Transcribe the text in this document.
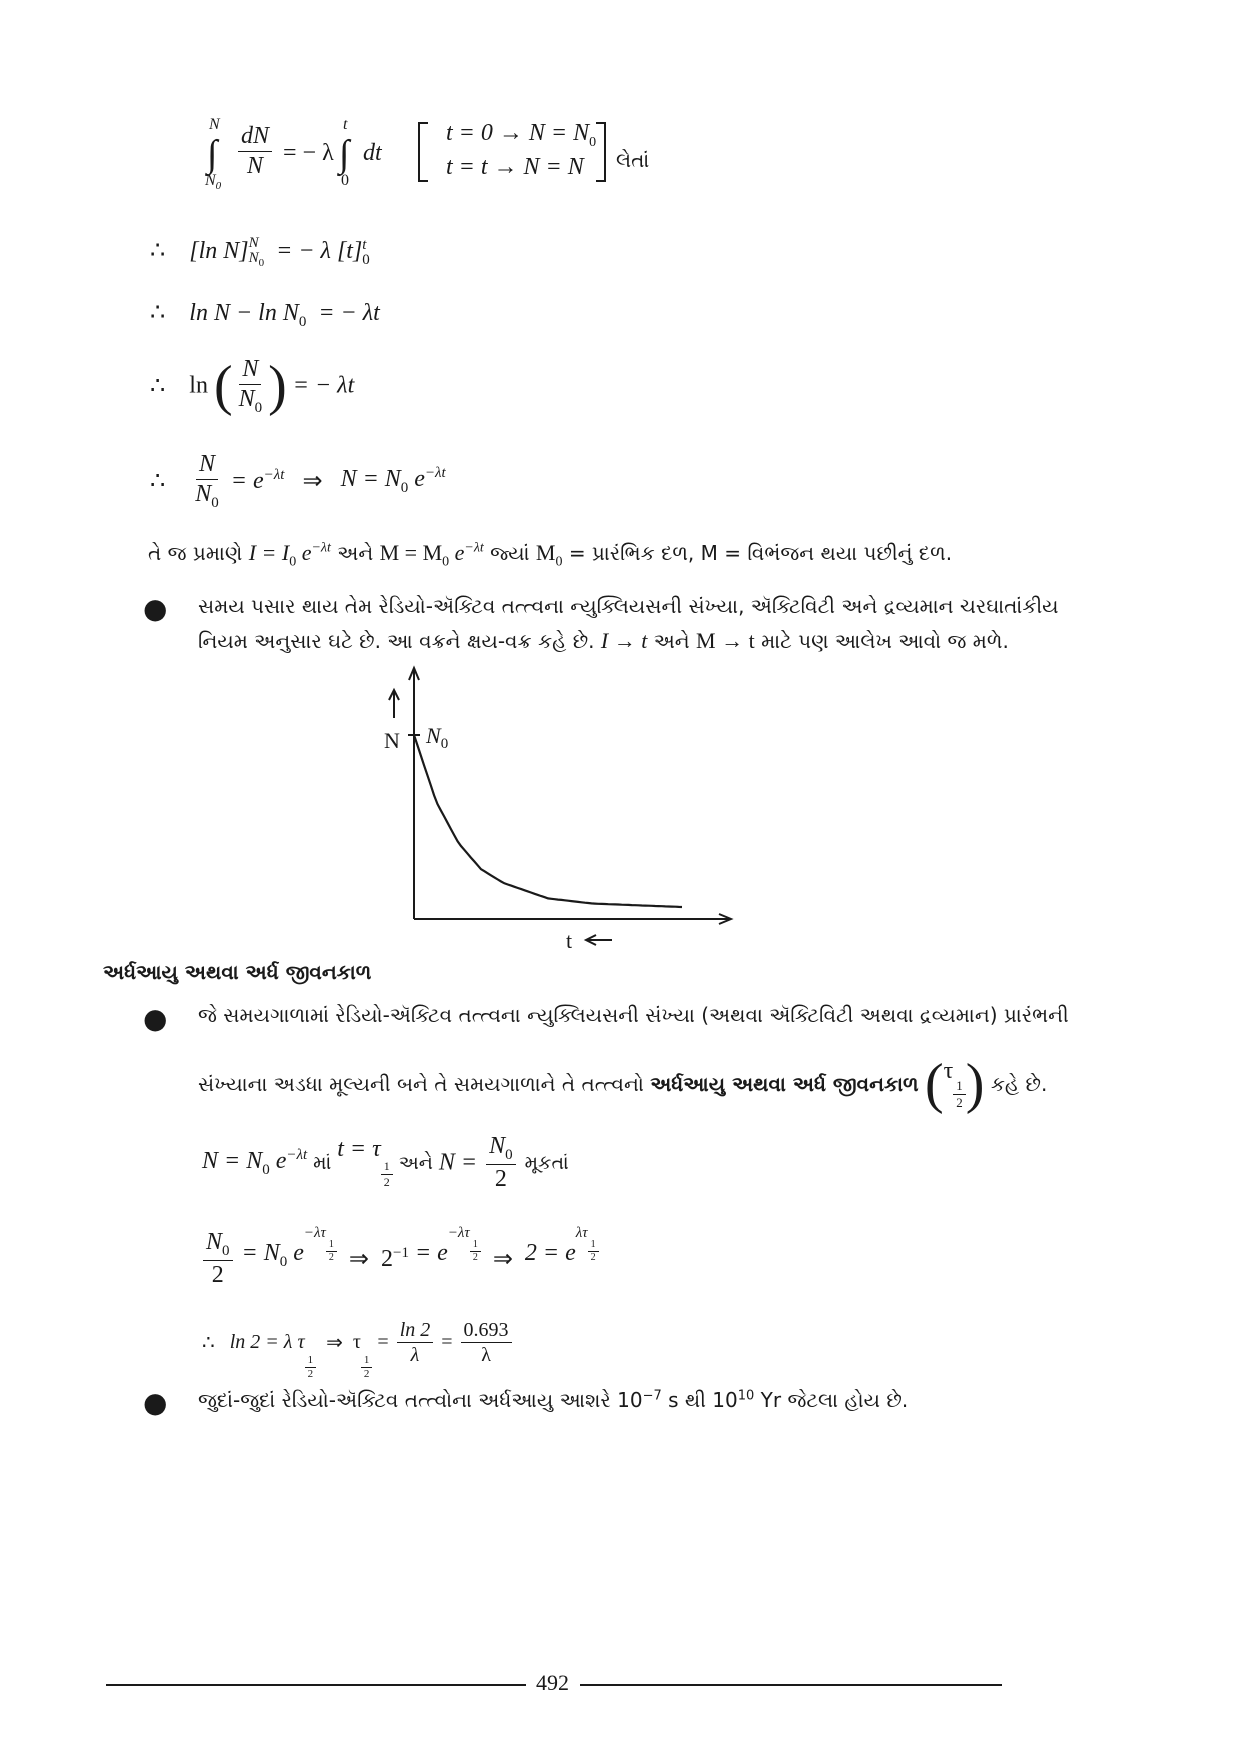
N
∫
$N_0$
$\frac{dN}{N}$ = − λ
t
∫
0
dt
$t = 0 \to N = N_0$
t = t → N = N લેતાં
∴ [ln N] N
$N_0$ = − λ [t] t
0
∴ $\ln N - \ln N_0$ = − λt
∴ ln ( $\frac{N}{N_0}$ ) = − λt
∴ $\frac{N}{N_0} = e^{-\lambda t}$ ⇒ $N = N_0$ $e^{-\lambda t}$
તે જ પ્રમાણે $I = I_0$ $e^{-\lambda t}$ અને $M = M_0$ $e^{-\lambda t}$ જ્યાં $M_0$ = પ્રારંભિક દળ, M = વિભંજન થયા પછીનું દળ.
● સમય પસાર થાય તેમ રેડિયો-ઍક્ટિવ તત્ત્વના ન્યુક્લિયસની સંખ્યા, ઍક્ટિવિટી અને દ્રવ્યમાન ચરઘાતાંકીય
નિયમ અનુસાર ઘટે છે. આ વક્રને ક્ષય-વક્ર કહે છે. I → t અને M → t માટે પણ આલેખ આવો જ મળે.
N $N_0$
t
અર્ધઆયુ અથવા અર્ધ જીવનકાળ
● જે સમયગાળામાં રેડિયો-ઍક્ટિવ તત્ત્વના ન્યુક્લિયસની સંખ્યા (અથવા ઍક્ટિવિટી અથવા દ્રવ્યમાન) પ્રારંભની
સંખ્યાના અડધા મૂલ્યની બને તે સમયગાળાને તે તત્ત્વનો અર્ધઆયુ અથવા અર્ધ જીવનકાળ (τ
$\frac{1}{2}$ ) કહે છે.
$N = N_0$ $e^{-\lambda t}$ માં t = τ
$\frac{1}{2}$ અને $N = \frac{N_0}{2}$ મૂકતાં
$\frac{N_0}{2} = N_0$ $e^{-\lambda\tau \frac{1}{2}}$ ⇒ $2^{-1} = e^{-\lambda\tau \frac{1}{2}}$ ⇒ $2 = e^{\lambda\tau \frac{1}{2}}$
∴ ln 2 = λ τ
$\frac{1}{2}$
⇒ τ
$\frac{1}{2}$
= $\frac{\ln 2}{\lambda} = \frac{0.693}{\lambda}$
● જુદાં-જુદાં રેડિયો-ઍક્ટિવ તત્ત્વોના અર્ધઆયુ આશરે $10^{-7}$ s થી $10^{10}$ Yr જેટલા હોય છે.
492
